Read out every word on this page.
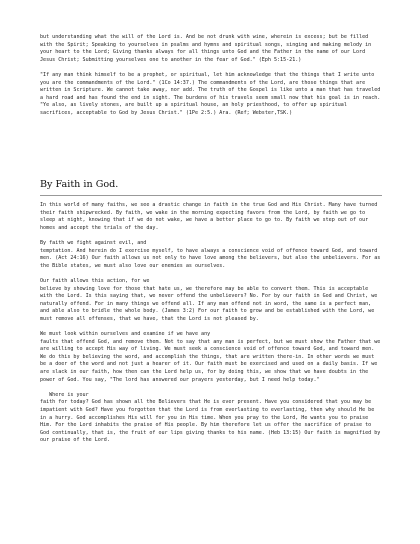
but understanding what the will of the Lord is. And be not drunk with wine, wherein is excess; but be filled with the Spirit; Speaking to yourselves in psalms and hymns and spiritual songs, singing and making melody in your heart to the Lord; Giving thanks always for all things unto God and the Father in the name of our Lord Jesus Christ; Submitting yourselves one to another in the fear of God." (Eph 5:15-21.)

"If any man think himself to be a prophet, or spiritual, let him acknowledge that the things that I write unto you are the commandments of the Lord." (1Co 14:37.) The commandments of the Lord, are those things that are written in Scripture. We cannot take away, nor add. The truth of the Gospel is like unto a man that has traveled a hard road and has found the end in sight. The burdens of his travels seem small now that his goal is in reach. "Ye also, as lively stones, are built up a spiritual house, an holy priesthood, to offer up spiritual sacrifices, acceptable to God by Jesus Christ." (1Pe 2:5.) Ara. (Ref; Webster,TSK.)

By Faith in God.

In this world of many faiths, we see a drastic change in faith in the true God and His Christ. Many have turned their faith shipwrecked. By faith, we wake in the morning expecting favors from the Lord, by faith we go to sleep at night, knowing that if we do not wake, we have a better place to go to. By faith we step out of our homes and accept the trials of the day.

By faith we fight against evil, and
temptation. And herein do I exercise myself, to have always a conscience void of offence toward God, and toward men. (Act 24:16) Our faith allows us not only to have love among the believers, but also the unbelievers. For as the Bible states, we must also love our enemies as ourselves.

Our faith allows this action, for we
believe by showing love for those that hate us, we therefore may be able to convert them. This is acceptable with the Lord. Is this saying that, we never offend the unbelievers? No. For by our faith in God and Christ, we naturally offend. For in many things we offend all. If any man offend not in word, the same is a perfect man, and able also to bridle the whole body. (James 3:2) For our faith to grow and be established with the Lord, we must remove all offenses, that we have, that the Lord is not pleased by.

We must look within ourselves and examine if we have any
faults that offend God, and remove them. Not to say that any man is perfect, but we must show the Father that we are willing to accept His way of living. We must seek a conscience void of offence toward God, and toward men. We do this by believing the word, and accomplish the things, that are written there-in. In other words we must be a doer of the word and not just a hearer of it. Our faith must be exercised and used on a daily basis. If we are slack in our faith, how then can the Lord help us, for by doing this, we show that we have doubts in the power of God. You say, "The lord has answered our prayers yesterday, but I need help today."

Where is your
faith for today? God has shown all the Believers that He is ever present. Have you considered that you may be impatient with God? Have you forgotten that the Lord is from everlasting to everlasting, then why should He be in a hurry. God accomplishes His will for you in His time. When you pray to the Lord, He wants you to praise Him. For the Lord inhabits the praise of His people. By him therefore let us offer the sacrifice of praise to God continually, that is, the fruit of our lips giving thanks to his name. (Heb 13:15) Our faith is magnified by our praise of the Lord.
